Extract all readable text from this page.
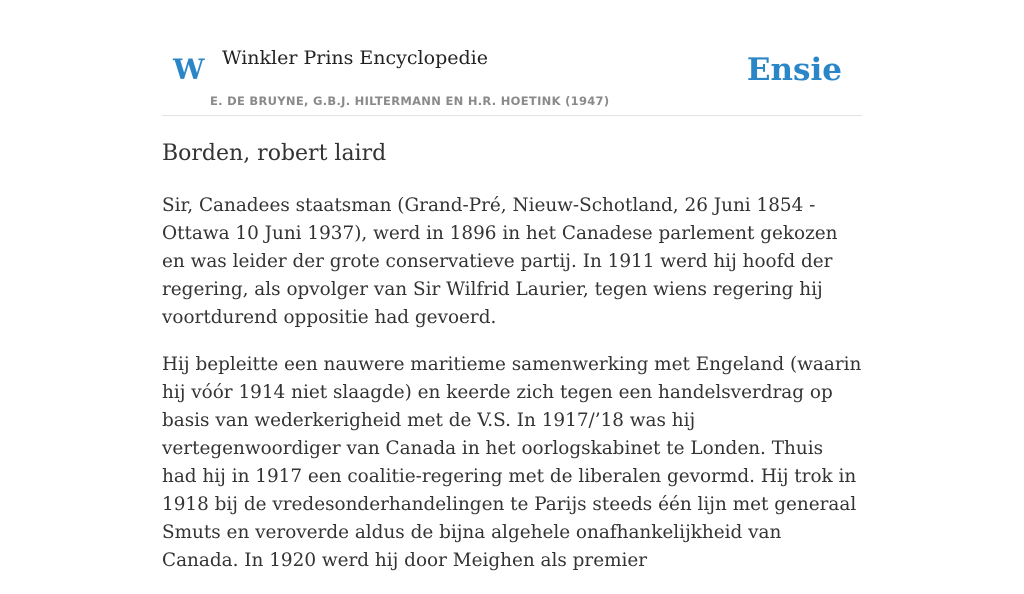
W Winkler Prins Encyclopedie
E. DE BRUYNE, G.B.J. HILTERMANN EN H.R. HOETINK (1947)
Ensie
Borden, robert laird

Sir, Canadees staatsman (Grand-Pré, Nieuw-Schotland, 26 Juni 1854 - Ottawa 10 Juni 1937), werd in 1896 in het Canadese parlement gekozen en was leider der grote conservatieve partij. In 1911 werd hij hoofd der regering, als opvolger van Sir Wilfrid Laurier, tegen wiens regering hij voortdurend oppositie had gevoerd.

Hij bepleitte een nauwere maritieme samenwerking met Engeland (waarin hij vóór 1914 niet slaagde) en keerde zich tegen een handelsverdrag op basis van wederkerigheid met de V.S. In 1917/’18 was hij vertegenwoordiger van Canada in het oorlogskabinet te Londen. Thuis had hij in 1917 een coalitie-regering met de liberalen gevormd. Hij trok in 1918 bij de vredesonderhandelingen te Parijs steeds één lijn met generaal Smuts en veroverde aldus de bijna algehele onafhankelijkheid van Canada. In 1920 werd hij door Meighen als premier
